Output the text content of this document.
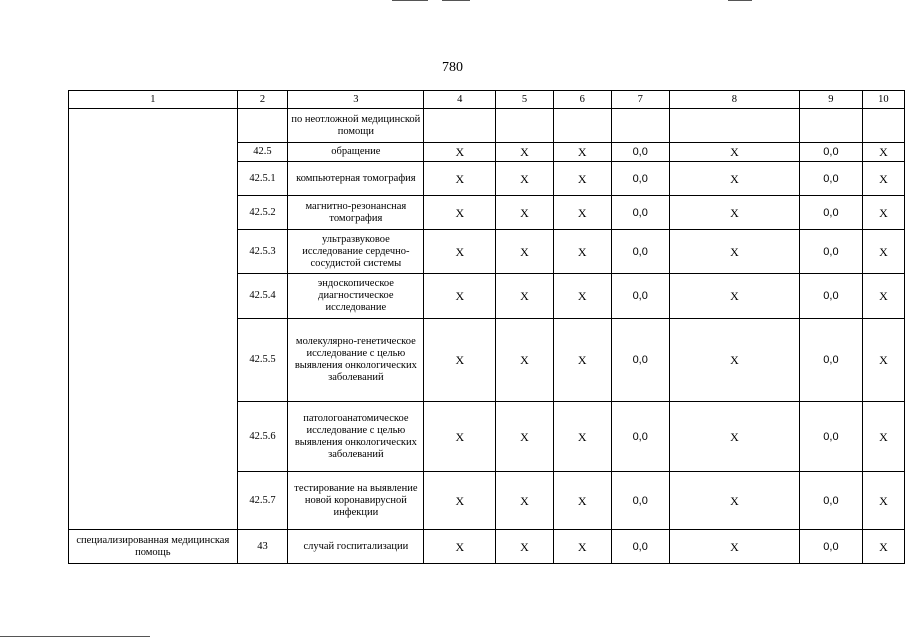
780
1	2	3	4	5	6	7	8	9	10
		по неотложной медицинской помощи							
	42.5	обращение	Х	Х	Х	0,0	Х	0,0	Х
	42.5.1	компьютерная томография	Х	Х	Х	0,0	Х	0,0	Х
	42.5.2	магнитно-резонансная томография	Х	Х	Х	0,0	Х	0,0	Х
	42.5.3	ультразвуковое исследование сердечно-сосудистой системы	Х	Х	Х	0,0	Х	0,0	Х
	42.5.4	эндоскопическое диагностическое исследование	Х	Х	Х	0,0	Х	0,0	Х
	42.5.5	молекулярно-генетическое исследование с целью выявления онкологических заболеваний	Х	Х	Х	0,0	Х	0,0	Х
	42.5.6	патологоанатомическое исследование с целью выявления онкологических заболеваний	Х	Х	Х	0,0	Х	0,0	Х
	42.5.7	тестирование на выявление новой коронавирусной инфекции	Х	Х	Х	0,0	Х	0,0	Х
специализированная медицинская помощь	43	случай госпитализации	Х	Х	Х	0,0	Х	0,0	Х
